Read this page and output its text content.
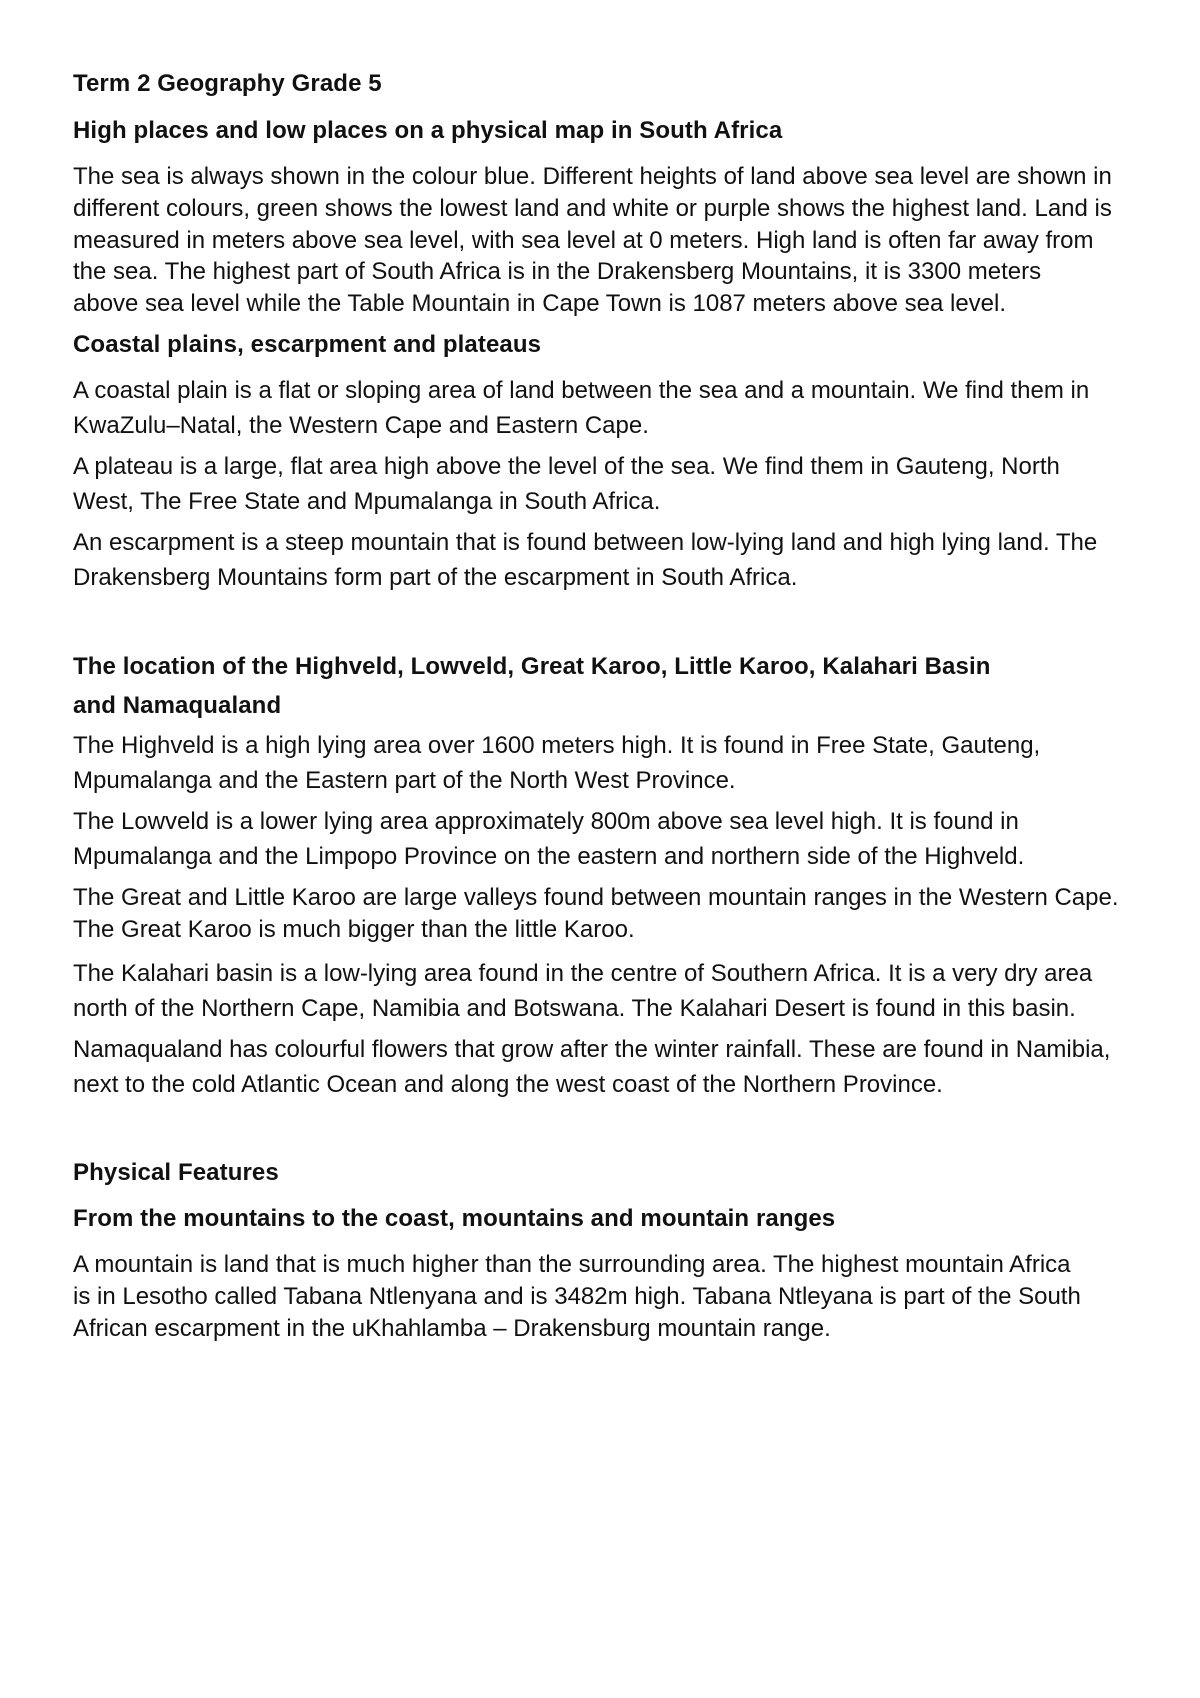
Term 2 Geography Grade 5
High places and low places on a physical map in South Africa
The sea is always shown in the colour blue. Different heights of land above sea level are shown in
different colours, green shows the lowest land and white or purple shows the highest land. Land is
measured in meters above sea level, with sea level at 0 meters. High land is often far away from
the sea. The highest part of South Africa is in the Drakensberg Mountains, it is 3300 meters
above sea level while the Table Mountain in Cape Town is 1087 meters above sea level.
Coastal plains, escarpment and plateaus
A coastal plain is a flat or sloping area of land between the sea and a mountain. We find them in
KwaZulu–Natal, the Western Cape and Eastern Cape.
A plateau is a large, flat area high above the level of the sea. We find them in Gauteng, North
West, The Free State and Mpumalanga in South Africa.
An escarpment is a steep mountain that is found between low-lying land and high lying land. The
Drakensberg Mountains form part of the escarpment in South Africa.
The location of the Highveld, Lowveld, Great Karoo, Little Karoo, Kalahari Basin
and Namaqualand
The Highveld is a high lying area over 1600 meters high. It is found in Free State, Gauteng,
Mpumalanga and the Eastern part of the North West Province.
The Lowveld is a lower lying area approximately 800m above sea level high. It is found in
Mpumalanga and the Limpopo Province on the eastern and northern side of the Highveld.
The Great and Little Karoo are large valleys found between mountain ranges in the Western Cape.
The Great Karoo is much bigger than the little Karoo.
The Kalahari basin is a low-lying area found in the centre of Southern Africa. It is a very dry area
north of the Northern Cape, Namibia and Botswana. The Kalahari Desert is found in this basin.
Namaqualand has colourful flowers that grow after the winter rainfall. These are found in Namibia,
next to the cold Atlantic Ocean and along the west coast of the Northern Province.
Physical Features
From the mountains to the coast, mountains and mountain ranges
A mountain is land that is much higher than the surrounding area. The highest mountain Africa
is in Lesotho called Tabana Ntlenyana and is 3482m high. Tabana Ntleyana is part of the South
African escarpment in the uKhahlamba – Drakensburg mountain range.
